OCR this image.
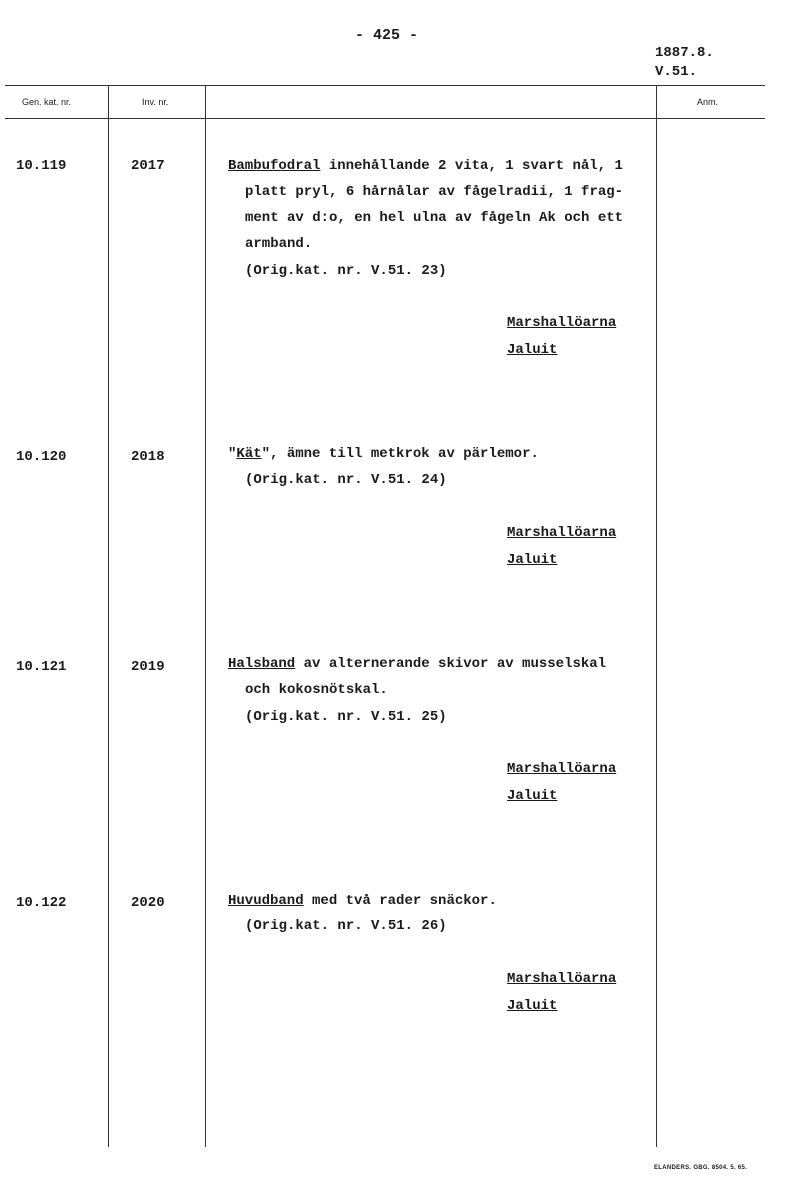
- 425 -
1887.8.
V.51.
Gen. kat. nr.	Inv. nr.	Anm.
10.119	2017	Bambufodral innehållande 2 vita, 1 svart nål, 1
platt pryl, 6 hårnålar av fågelradii, 1 frag-
ment av d:o, en hel ulna av fågeln Ak och ett
armband.
(Orig.kat. nr. V.51. 23)
Marshallöarna
Jaluit
10.120	2018	"Kät", ämne till metkrok av pärlemor.
(Orig.kat. nr. V.51. 24)
Marshallöarna
Jaluit
10.121	2019	Halsband av alternerande skivor av musselskal
och kokosnötskal.
(Orig.kat. nr. V.51. 25)
Marshallöarna
Jaluit
10.122	2020	Huvudband med två rader snäckor.
(Orig.kat. nr. V.51. 26)
Marshallöarna
Jaluit
ELANDERS. GBG. 8504. 5. 65.
